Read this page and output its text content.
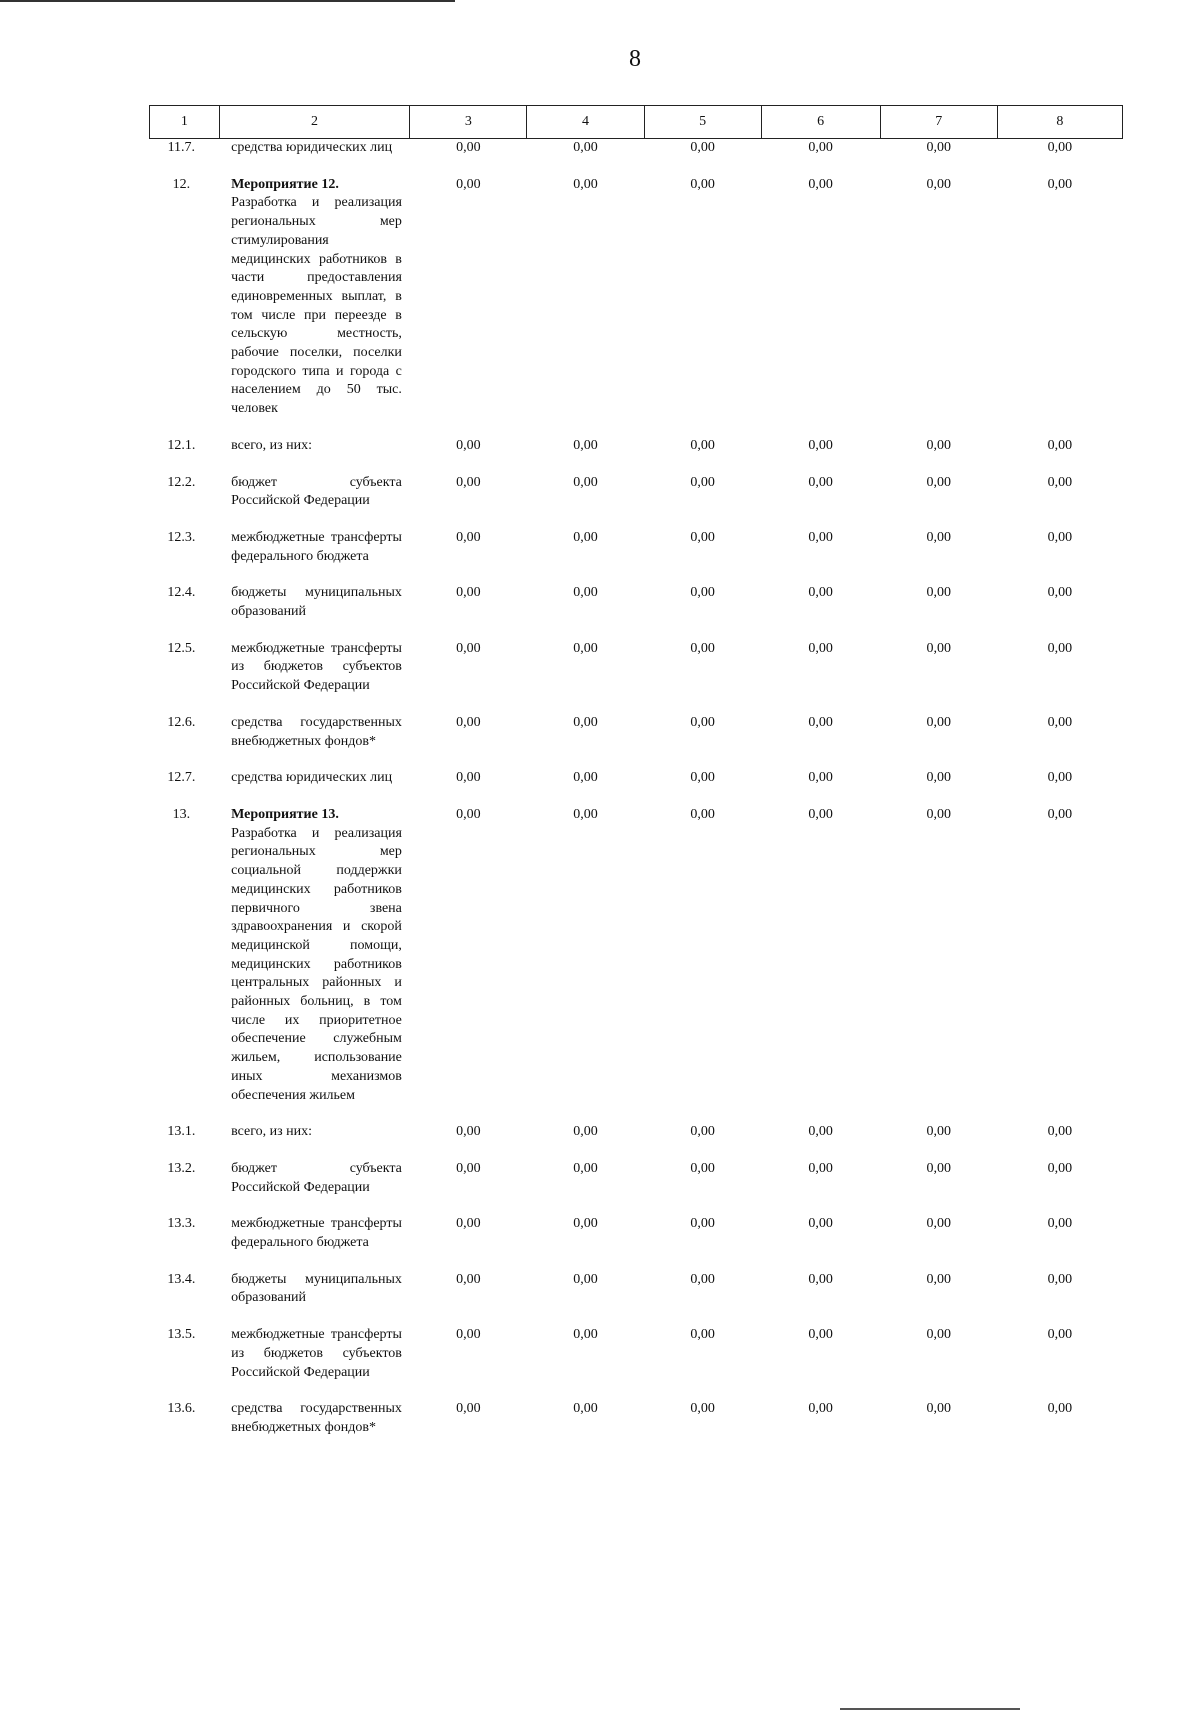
8
1	2	3	4	5	6	7	8
11.7.	средства юридических лиц	0,00	0,00	0,00	0,00	0,00	0,00
12.	Мероприятие 12.
Разработка и реализация региональных мер стимулирования медицинских работников в части предоставления единовременных выплат, в том числе при переезде в сельскую местность, рабочие поселки, поселки городского типа и города с населением до 50 тыс. человек	0,00	0,00	0,00	0,00	0,00	0,00
12.1.	всего, из них:	0,00	0,00	0,00	0,00	0,00	0,00
12.2.	бюджет субъекта Российской Федерации	0,00	0,00	0,00	0,00	0,00	0,00
12.3.	межбюджетные трансферты федерального бюджета	0,00	0,00	0,00	0,00	0,00	0,00
12.4.	бюджеты муниципальных образований	0,00	0,00	0,00	0,00	0,00	0,00
12.5.	межбюджетные трансферты из бюджетов субъектов Российской Федерации	0,00	0,00	0,00	0,00	0,00	0,00
12.6.	средства государственных внебюджетных фондов*	0,00	0,00	0,00	0,00	0,00	0,00
12.7.	средства юридических лиц	0,00	0,00	0,00	0,00	0,00	0,00
13.	Мероприятие 13.
Разработка и реализация региональных мер социальной поддержки медицинских работников первичного звена здравоохранения и скорой медицинской помощи, медицинских работников центральных районных и районных больниц, в том числе их приоритетное обеспечение служебным жильем, использование иных механизмов обеспечения жильем	0,00	0,00	0,00	0,00	0,00	0,00
13.1.	всего, из них:	0,00	0,00	0,00	0,00	0,00	0,00
13.2.	бюджет субъекта Российской Федерации	0,00	0,00	0,00	0,00	0,00	0,00
13.3.	межбюджетные трансферты федерального бюджета	0,00	0,00	0,00	0,00	0,00	0,00
13.4.	бюджеты муниципальных образований	0,00	0,00	0,00	0,00	0,00	0,00
13.5.	межбюджетные трансферты из бюджетов субъектов Российской Федерации	0,00	0,00	0,00	0,00	0,00	0,00
13.6.	средства государственных внебюджетных фондов*	0,00	0,00	0,00	0,00	0,00	0,00
